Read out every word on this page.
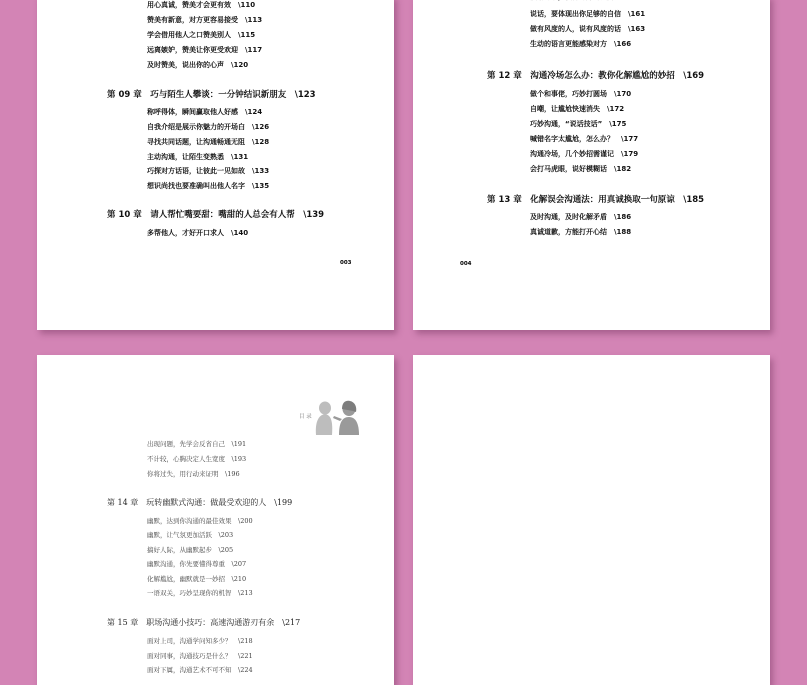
用心真诚，赞美才会更有效　\110
赞美有新意，对方更容易接受　\113
学会借用他人之口赞美别人　\115
远离嫉妒，赞美让你更受欢迎　\117
及时赞美，说出你的心声　\120
第 09 章　巧与陌生人攀谈：一分钟结识新朋友　\123
称呼得体，瞬间赢取他人好感　\124
自我介绍是展示你魅力的开场白　\126
寻找共同话题，让沟通畅通无阻　\128
主动沟通，让陌生变熟悉　\131
巧探对方话语，让彼此一见如故　\133
想识尚找也要准确叫出他人名字　\135
第 10 章　请人帮忙嘴要甜：嘴甜的人总会有人帮　\139
多帮他人，才好开口求人　\140
003
说话，要体现出你足够的自信　\161
做有风度的人，说有风度的话　\163
生动的语言更能感染对方　\166
第 12 章　沟通冷场怎么办：教你化解尴尬的妙招　\169
做个和事佬，巧妙打圆场　\170
自嘲，让尴尬快速消失　\172
巧妙沟通，“说话技话”　\175
喊错名字太尴尬，怎么办？　\177
沟通冷场，几个妙招需谨记　\179
会打马虎眼，说好模糊话　\182
第 13 章　化解误会沟通法：用真诚换取一句原谅　\185
及时沟通，及时化解矛盾　\186
真诚道歉，方能打开心结　\188
004
目 录
出现问题，先学会反省自己　\191
不计较，心胸决定人生宽度　\193
你将过失，用行动来证明　\196
第 14 章　玩转幽默式沟通：做最受欢迎的人　\199
幽默，达到你沟通的最佳效果　\200
幽默，让气氛更加活跃　\203
搞好人际，从幽默起步　\205
幽默沟通，你先要懂得尊重　\207
化解尴尬，幽默就是一妙招　\210
一语双关，巧妙呈现你的机智　\213
第 15 章　职场沟通小技巧：高速沟通游刃有余　\217
面对上司，沟通学问知多少？　\218
面对同事，沟通技巧是什么？　\221
面对下属，沟通艺术不可不知　\224
